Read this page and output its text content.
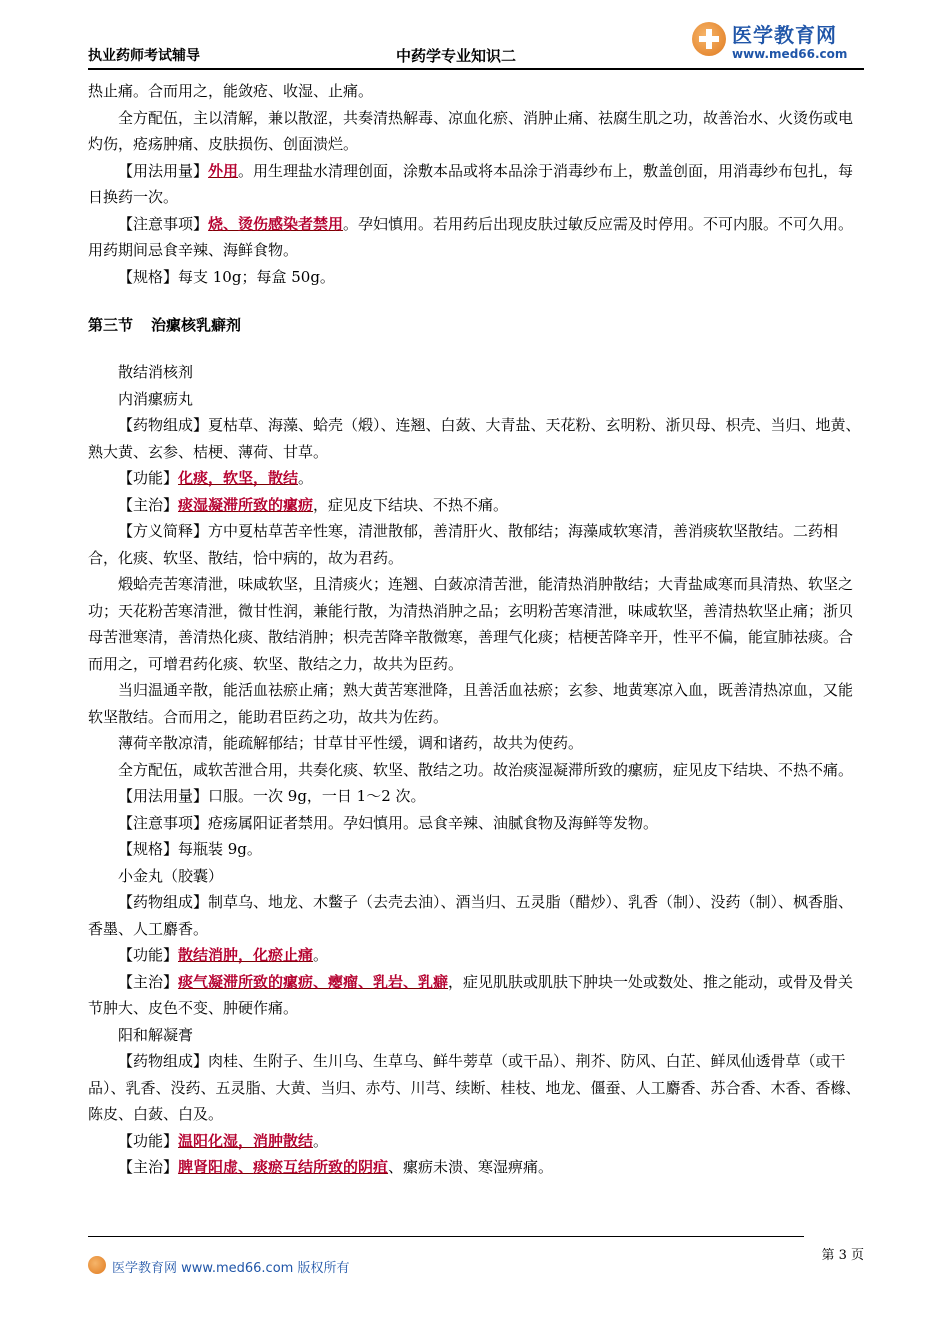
执业药师考试辅导	中药学专业知识二
医学教育网
www.med66.com

热止痛。合而用之，能敛疮、收湿、止痛。

全方配伍，主以清解，兼以散涩，共奏清热解毒、凉血化瘀、消肿止痛、祛腐生肌之功，故善治水、火烫伤或电灼伤，疮疡肿痛、皮肤损伤、创面溃烂。

【用法用量】外用。用生理盐水清理创面，涂敷本品或将本品涂于消毒纱布上，敷盖创面，用消毒纱布包扎，每日换药一次。

【注意事项】烧、烫伤感染者禁用。孕妇慎用。若用药后出现皮肤过敏反应需及时停用。不可内服。不可久用。用药期间忌食辛辣、海鲜食物。

【规格】每支 10g；每盒 50g。

第三节 治瘰核乳癖剂

散结消核剂

内消瘰疬丸

【药物组成】夏枯草、海藻、蛤壳（煅）、连翘、白蔹、大青盐、天花粉、玄明粉、浙贝母、枳壳、当归、地黄、熟大黄、玄参、桔梗、薄荷、甘草。

【功能】化痰，软坚，散结。

【主治】痰湿凝滞所致的瘰疬，症见皮下结块、不热不痛。

【方义简释】方中夏枯草苦辛性寒，清泄散郁，善清肝火、散郁结；海藻咸软寒清，善消痰软坚散结。二药相合，化痰、软坚、散结，恰中病的，故为君药。

煅蛤壳苦寒清泄，味咸软坚，且清痰火；连翘、白蔹凉清苦泄，能清热消肿散结；大青盐咸寒而具清热、软坚之功；天花粉苦寒清泄，微甘性润，兼能行散，为清热消肿之品；玄明粉苦寒清泄，味咸软坚，善清热软坚止痛；浙贝母苦泄寒清，善清热化痰、散结消肿；枳壳苦降辛散微寒，善理气化痰；桔梗苦降辛开，性平不偏，能宣肺祛痰。合而用之，可增君药化痰、软坚、散结之力，故共为臣药。

当归温通辛散，能活血祛瘀止痛；熟大黄苦寒泄降，且善活血祛瘀；玄参、地黄寒凉入血，既善清热凉血，又能软坚散结。合而用之，能助君臣药之功，故共为佐药。

薄荷辛散凉清，能疏解郁结；甘草甘平性缓，调和诸药，故共为使药。

全方配伍，咸软苦泄合用，共奏化痰、软坚、散结之功。故治痰湿凝滞所致的瘰疬，症见皮下结块、不热不痛。

【用法用量】口服。一次 9g，一日 1～2 次。

【注意事项】疮疡属阳证者禁用。孕妇慎用。忌食辛辣、油腻食物及海鲜等发物。

【规格】每瓶装 9g。

小金丸（胶囊）

【药物组成】制草乌、地龙、木鳖子（去壳去油）、酒当归、五灵脂（醋炒）、乳香（制）、没药（制）、枫香脂、香墨、人工麝香。

【功能】散结消肿，化瘀止痛。

【主治】痰气凝滞所致的瘰疬、瘿瘤、乳岩、乳癖，症见肌肤或肌肤下肿块一处或数处、推之能动，或骨及骨关节肿大、皮色不变、肿硬作痛。

阳和解凝膏

【药物组成】肉桂、生附子、生川乌、生草乌、鲜牛蒡草（或干品）、荆芥、防风、白芷、鲜凤仙透骨草（或干品）、乳香、没药、五灵脂、大黄、当归、赤芍、川芎、续断、桂枝、地龙、僵蚕、人工麝香、苏合香、木香、香橼、陈皮、白蔹、白及。

【功能】温阳化湿，消肿散结。

【主治】脾肾阳虚、痰瘀互结所致的阴疽、瘰疬未溃、寒湿痹痛。

医学教育网 www.med66.com 版权所有
第 3 页
